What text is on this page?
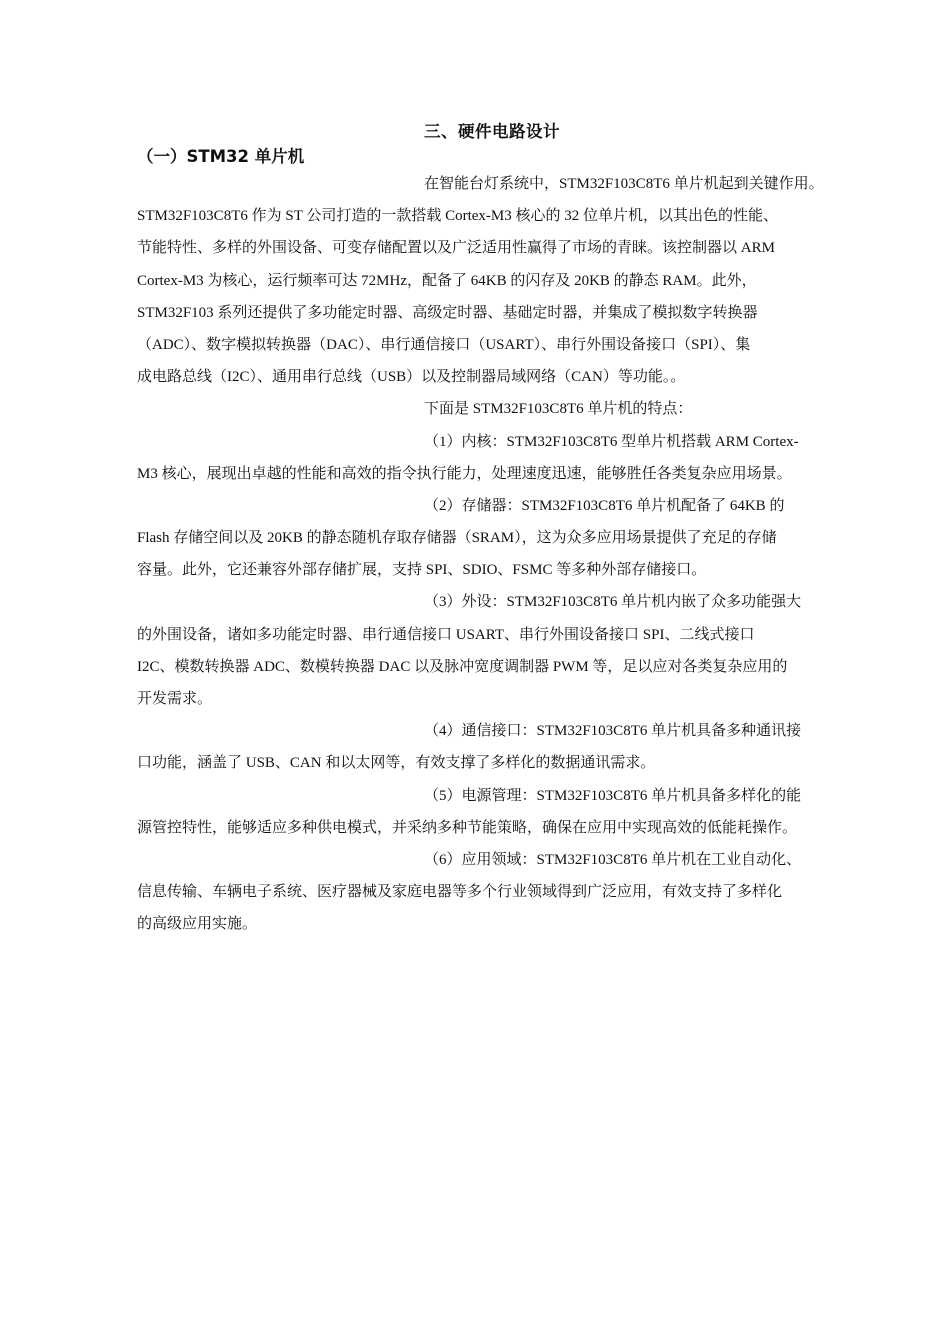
三、硬件电路设计
（一）STM32 单片机
在智能台灯系统中，STM32F103C8T6 单片机起到关键作用。
STM32F103C8T6 作为 ST 公司打造的一款搭载 Cortex-M3 核心的 32 位单片机，以其出色的性能、
节能特性、多样的外围设备、可变存储配置以及广泛适用性赢得了市场的青睐。该控制器以 ARM
Cortex-M3 为核心，运行频率可达 72MHz，配备了 64KB 的闪存及 20KB 的静态 RAM。此外，
STM32F103 系列还提供了多功能定时器、高级定时器、基础定时器，并集成了模拟数字转换器
（ADC）、数字模拟转换器（DAC）、串行通信接口（USART）、串行外围设备接口（SPI）、集
成电路总线（I2C）、通用串行总线（USB）以及控制器局域网络（CAN）等功能。。
下面是 STM32F103C8T6 单片机的特点：
（1）内核：STM32F103C8T6 型单片机搭载 ARM Cortex-
M3 核心，展现出卓越的性能和高效的指令执行能力，处理速度迅速，能够胜任各类复杂应用场景。
（2）存储器：STM32F103C8T6 单片机配备了 64KB 的
Flash 存储空间以及 20KB 的静态随机存取存储器（SRAM），这为众多应用场景提供了充足的存储
容量。此外，它还兼容外部存储扩展，支持 SPI、SDIO、FSMC 等多种外部存储接口。
（3）外设：STM32F103C8T6 单片机内嵌了众多功能强大
的外围设备，诸如多功能定时器、串行通信接口 USART、串行外围设备接口 SPI、二线式接口
I2C、模数转换器 ADC、数模转换器 DAC 以及脉冲宽度调制器 PWM 等，足以应对各类复杂应用的
开发需求。
（4）通信接口：STM32F103C8T6 单片机具备多种通讯接
口功能，涵盖了 USB、CAN 和以太网等，有效支撑了多样化的数据通讯需求。
（5）电源管理：STM32F103C8T6 单片机具备多样化的能
源管控特性，能够适应多种供电模式，并采纳多种节能策略，确保在应用中实现高效的低能耗操作。
（6）应用领域：STM32F103C8T6 单片机在工业自动化、
信息传输、车辆电子系统、医疗器械及家庭电器等多个行业领域得到广泛应用，有效支持了多样化
的高级应用实施。
